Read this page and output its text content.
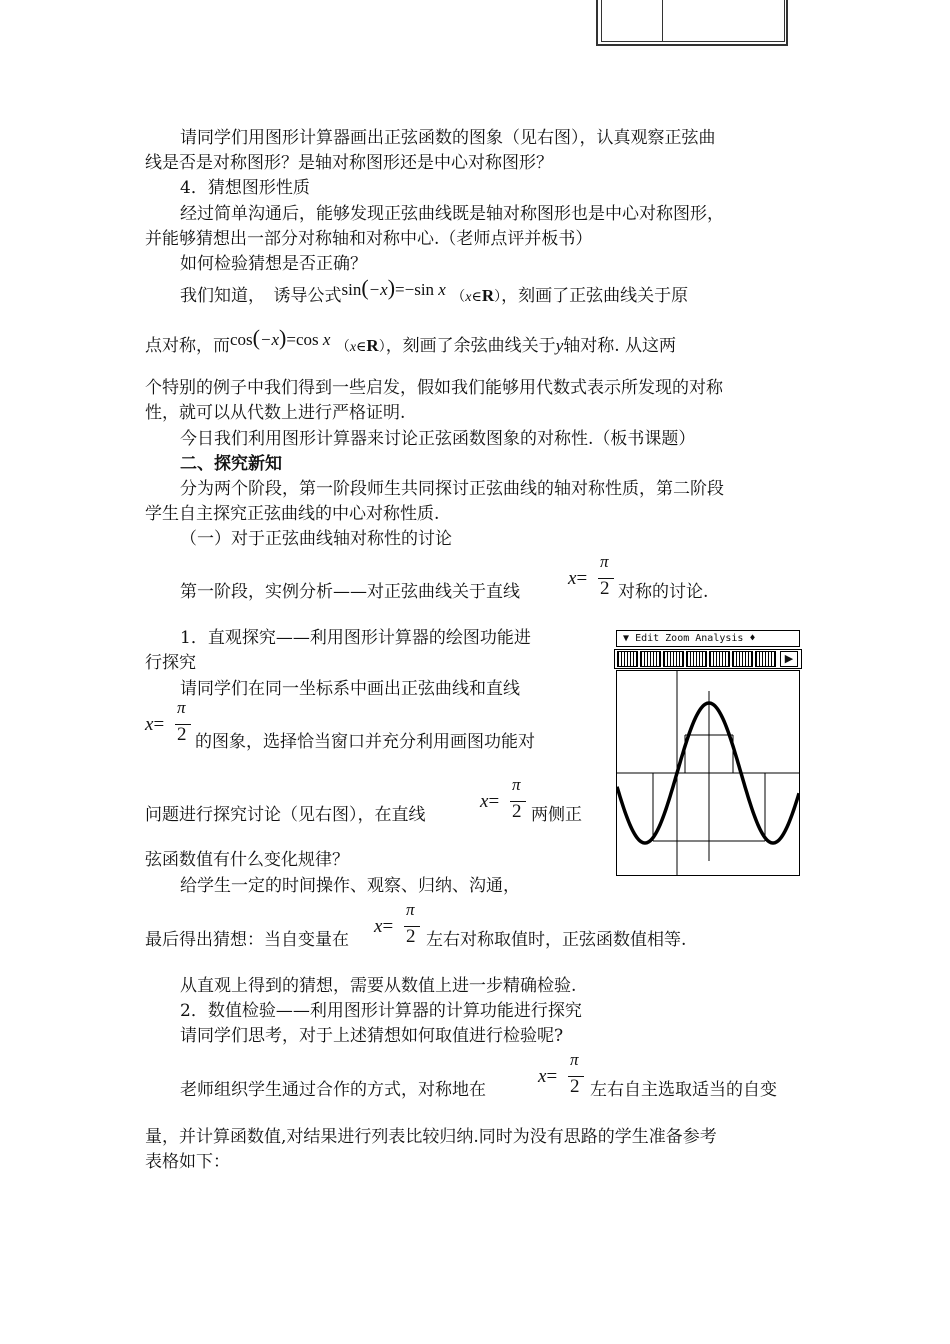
请同学们用图形计算器画出正弦函数的图象（见右图），认真观察正弦曲
线是否是对称图形？是轴对称图形还是中心对称图形？
4．猜想图形性质
经过简单沟通后，能够发现正弦曲线既是轴对称图形也是中心对称图形，
并能够猜想出一部分对称轴和对称中心.（老师点评并板书）
如何检验猜想是否正确？
我们知道，　诱导公式sin(−x)=−sin x （x∈R），刻画了正弦曲线关于原
点对称，而cos(−x)=cos x （x∈R），刻画了余弦曲线关于y轴对称. 从这两
个特别的例子中我们得到一些启发，假如我们能够用代数式表示所发现的对称
性，就可以从代数上进行严格证明.
今日我们利用图形计算器来讨论正弦函数图象的对称性.（板书课题）
二、探究新知
分为两个阶段，第一阶段师生共同探讨正弦曲线的轴对称性质，第二阶段
学生自主探究正弦曲线的中心对称性质.
（一）对于正弦曲线轴对称性的讨论
第一阶段，实例分析——对正弦曲线关于直线
x=
π
2 对称的讨论.
1．直观探究——利用图形计算器的绘图功能进
行探究
请同学们在同一坐标系中画出正弦曲线和直线
x=
π
2 的图象，选择恰当窗口并充分利用画图功能对
问题进行探究讨论（见右图），在直线
x=
π
2 两侧正
弦函数值有什么变化规律？
给学生一定的时间操作、观察、归纳、沟通，
最后得出猜想：当自变量在
x=
π
2 左右对称取值时，正弦函数值相等.
从直观上得到的猜想，需要从数值上进一步精确检验.
2．数值检验——利用图形计算器的计算功能进行探究
请同学们思考，对于上述猜想如何取值进行检验呢?
老师组织学生通过合作的方式，对称地在
x=
π
2 左右自主选取适当的自变
量，并计算函数值,对结果进行列表比较归纳.同时为没有思路的学生准备参考
表格如下：
▼ Edit Zoom Analysis ♦
▶
